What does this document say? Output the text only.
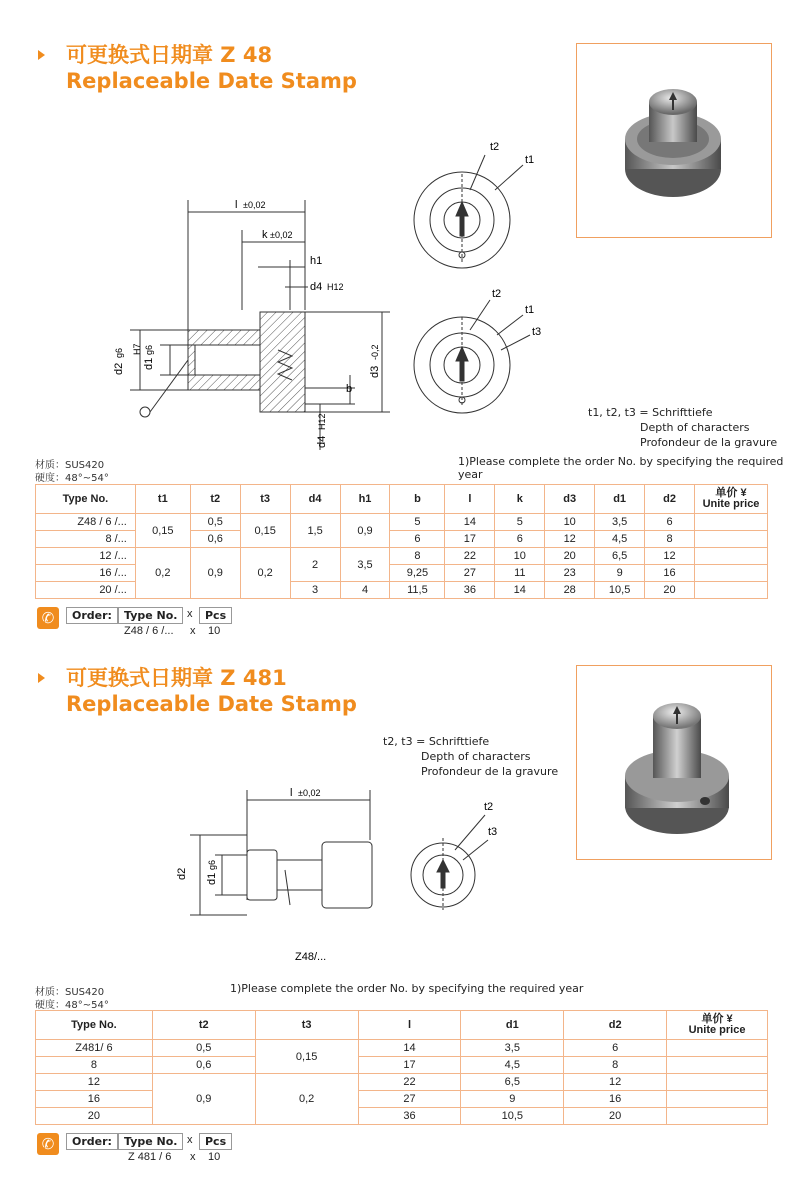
可更换式日期章 Z 48
Replaceable Date Stamp
l ±0,02
k ±0,02
h1
d4 H12
d2
g6
d1
g6
H7
d3
-0,2
b
d4
H12
t2
t1
t2
t1
t3
t1, t2, t3 = Schrifttiefe
Depth of characters
Profondeur de la gravure
材质：SUS420
硬度：48°~54°
1)Please complete the order No. by specifying the required year
Type No.	t1	t2	t3	d4	h1	b	l	k	d3	d1	d2	单价 ¥
Unite price

Z48 / 6 /...	0,15	0,5	0,15	1,5	0,9	5	14	5	10	3,5	6	
8 /...		0,6				6	17	6	12	4,5	8	
12 /...	0,2	0,9	0,2	2	3,5	8	22	10	20	6,5	12	
16 /...						9,25	27	11	23	9	16	
20 /...				3	4	11,5	36	14	28	10,5	20	
✆	Order:	Type No. x	Pcs
Z48 / 6 /... x 10
可更换式日期章 Z 481
Replaceable Date Stamp
t2, t3 = Schrifttiefe
Depth of characters
Profondeur de la gravure
l ±0,02
d2 d1
g6
t2
t3
Z48/...
材质：SUS420
硬度：48°~54°
1)Please complete the order No. by specifying the required year
Type No.	t2	t3	l	d1	d2	单价 ¥
Unite price

Z481/ 6	0,5	0,15	14	3,5	6	
8	0,6		17	4,5	8	
12	0,9	0,2	22	6,5	12	
16			27	9	16	
20			36	10,5	20	
✆	Order:	Type No. x	Pcs
Z 481 / 6 x 10
